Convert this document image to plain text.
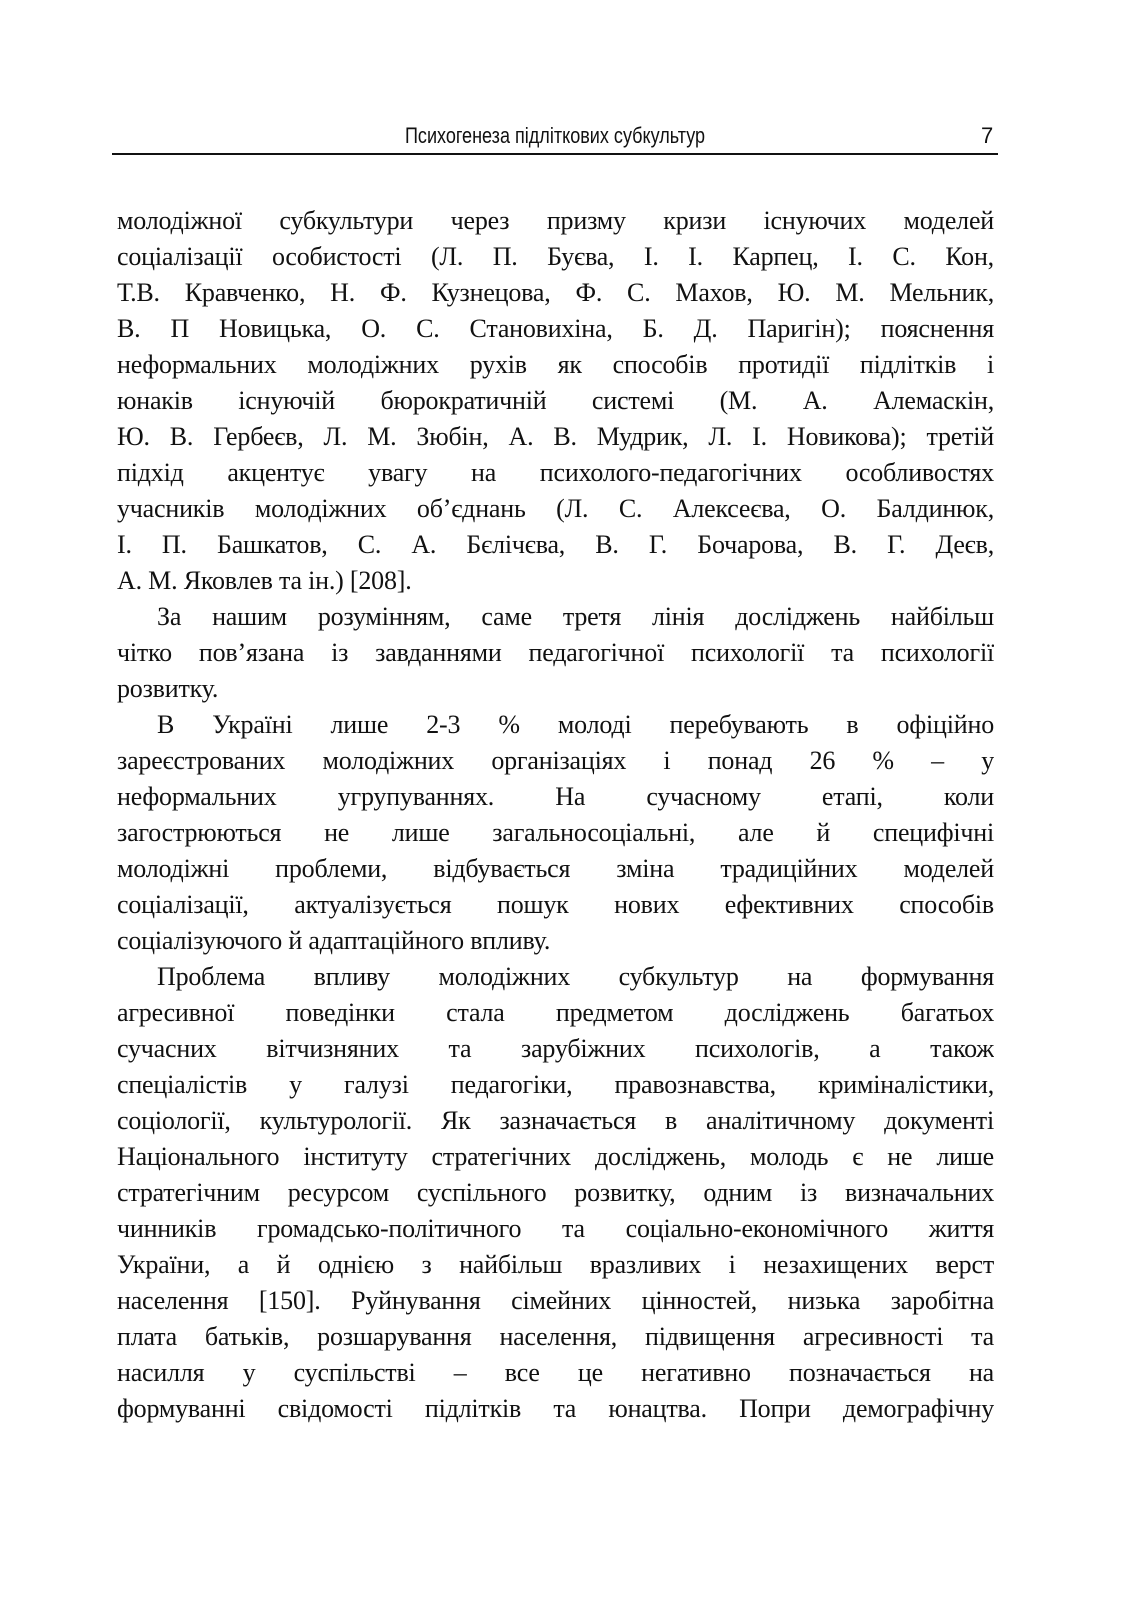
Психогенеза підліткових субкультур	7
молодіжної субкультури через призму кризи існуючих моделей
соціалізації особистості (Л. П. Буєва, І. І. Карпец, І. С. Кон,
Т.В. Кравченко, Н. Ф. Кузнецова, Ф. С. Махов, Ю. М. Мельник,
В. П Новицька, О. С. Становихіна, Б. Д. Паригін); пояснення
неформальних молодіжних рухів як способів протидії підлітків і
юнаків існуючій бюрократичній системі (М. А. Алемаскін,
Ю. В. Гербеєв, Л. М. Зюбін, А. В. Мудрик, Л. І. Новикова); третій
підхід акцентує увагу на психолого-педагогічних особливостях
учасників молодіжних об’єднань (Л. С. Алексеєва, О. Балдинюк,
І. П. Башкатов, С. А. Бєлічєва, В. Г. Бочарова, В. Г. Деєв,
А. М. Яковлев та ін.) [208].
За нашим розумінням, саме третя лінія досліджень найбільш
чітко пов’язана із завданнями педагогічної психології та психології
розвитку.
В Україні лише 2-3 % молоді перебувають в офіційно
зареєстрованих молодіжних організаціях і понад 26 % – у
неформальних угрупуваннях. На сучасному етапі, коли
загострюються не лише загальносоціальні, але й специфічні
молодіжні проблеми, відбувається зміна традиційних моделей
соціалізації, актуалізується пошук нових ефективних способів
соціалізуючого й адаптаційного впливу.
Проблема впливу молодіжних субкультур на формування
агресивної поведінки стала предметом досліджень багатьох
сучасних вітчизняних та зарубіжних психологів, а також
спеціалістів у галузі педагогіки, правознавства, криміналістики,
соціології, культурології. Як зазначається в аналітичному документі
Національного інституту стратегічних досліджень, молодь є не лише
стратегічним ресурсом суспільного розвитку, одним із визначальних
чинників громадсько-політичного та соціально-економічного життя
України, а й однією з найбільш вразливих і незахищених верст
населення [150]. Руйнування сімейних цінностей, низька заробітна
плата батьків, розшарування населення, підвищення агресивності та
насилля у суспільстві – все це негативно позначається на
формуванні свідомості підлітків та юнацтва. Попри демографічну
